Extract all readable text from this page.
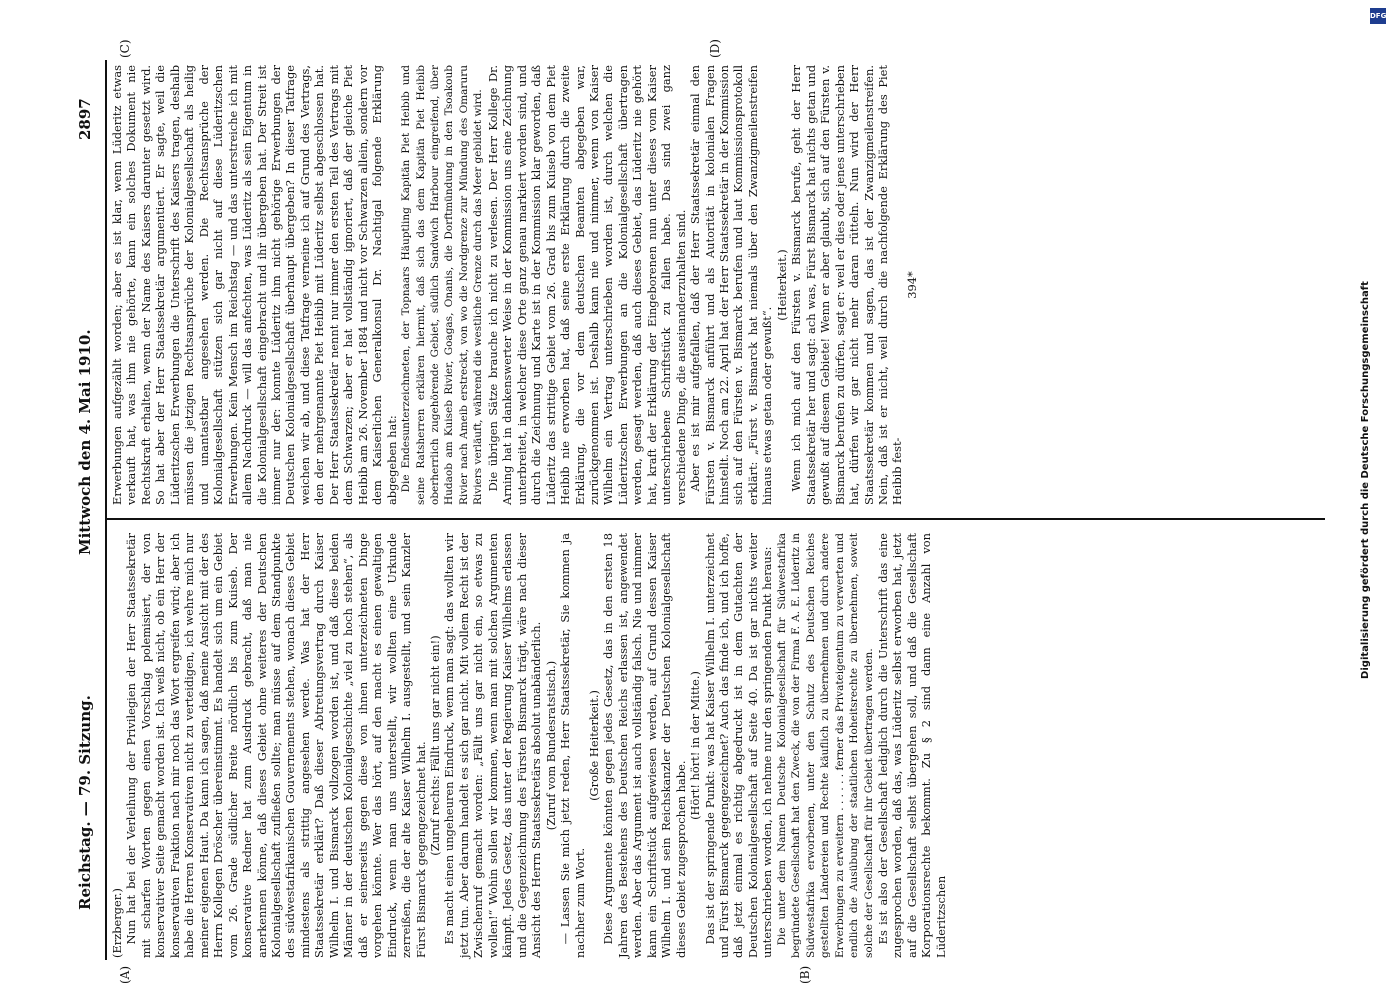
Reichstag. — 79. Sitzung.
Mittwoch den 4. Mai 1910.
2897
(A)	(B)
(C)	(D)

(Erzberger.) Nun hat bei der Verleihung der Privilegien der Herr Staatssekretär mit scharfen Worten gegen einen Vorschlag polemisiert, der von konservativer Seite gemacht worden ist. Ich weiß nicht, ob ein Herr der konservativen Fraktion nach mir noch das Wort ergreifen wird; aber ich habe die Herren Konservativen nicht zu verteidigen, ich wehre mich nur meiner eigenen Haut. Da kann ich sagen, daß meine Ansicht mit der des Herrn Kollegen Dröscher übereinstimmt. Es handelt sich um ein Gebiet vom 26. Grade südlicher Breite nördlich bis zum Kuiseb. Der konservative Redner hat zum Ausdruck gebracht, daß man nie anerkennen könne, daß dieses Gebiet ohne weiteres der Deutschen Kolonialgesellschaft zufließen sollte; man müsse auf dem Standpunkte des südwestafrikanischen Gouvernements stehen, wonach dieses Gebiet mindestens als strittig angesehen werde. Was hat der Herr Staatssekretär erklärt? Daß dieser Abtretungsvertrag durch Kaiser Wilhelm I. und Bismarck vollzogen worden ist, und daß diese beiden Männer in der deutschen Kolonialgeschichte „viel zu hoch stehen“, als daß er seinerseits gegen diese von ihnen unterzeichneten Dinge vorgehen könnte. Wer das hört, auf den macht es einen gewaltigen Eindruck, wenn man uns unterstellt, wir wollten eine Urkunde zerreißen, die der alte Kaiser Wilhelm I. ausgestellt, und sein Kanzler Fürst Bismarck gegengezeichnet hat. (Zuruf rechts: Fällt uns gar nicht ein!) Es macht einen ungeheuren Eindruck, wenn man sagt: das wollten wir jetzt tun. Aber darum handelt es sich gar nicht. Mit vollem Recht ist der Zwischenruf gemacht worden: „Fällt uns gar nicht ein, so etwas zu wollen!“ Wohin sollen wir kommen, wenn man mit solchen Argumenten kämpft. Jedes Gesetz, das unter der Regierung Kaiser Wilhelms erlassen und die Gegenzeichnung des Fürsten Bismarck trägt, wäre nach dieser Ansicht des Herrn Staatssekretärs absolut unabänderlich. (Zuruf vom Bundesratstisch.) — Lassen Sie mich jetzt reden, Herr Staatssekretär, Sie kommen ja nachher zum Wort.

(Große Heiterkeit.) Diese Argumente könnten gegen jedes Gesetz, das in den ersten 18 Jahren des Bestehens des Deutschen Reichs erlassen ist, angewendet werden. Aber das Argument ist auch vollständig falsch. Nie und nimmer kann ein Schriftstück aufgewiesen werden, auf Grund dessen Kaiser Wilhelm I. und sein Reichskanzler der Deutschen Kolonialgesellschaft dieses Gebiet zugesprochen habe.

(Hört! hört! in der Mitte.) Das ist der springende Punkt: was hat Kaiser Wilhelm I. unterzeichnet und Fürst Bismarck gegengezeichnet? Auch das finde ich, und ich hoffe, daß jetzt einmal es richtig abgedruckt ist in dem Gutachten der Deutschen Kolonialgesellschaft auf Seite 40. Da ist gar nichts weiter unterschrieben worden, ich nehme nur den springenden Punkt heraus: Die unter dem Namen Deutsche Kolonialgesellschaft für Südwestafrika begründete Gesellschaft hat den Zweck, die von der Firma F. A. E. Lüderitz in Südwestafrika erworbenen, unter den Schutz des Deutschen Reiches gestellten Ländereien und Rechte käuflich zu übernehmen und durch andere Erwerbungen zu erweitern . . . . . . ferner das Privateigentum zu verwerten und endlich die Ausübung der staatlichen Hoheitsrechte zu übernehmen, soweit solche der Gesellschaft für ihr Gebiet übertragen werden. Es ist also der Gesellschaft lediglich durch die Unterschrift das eine zugesprochen worden, daß das, was Lüderitz selbst erworben hat, jetzt auf die Gesellschaft selbst übergehen soll, und daß die Gesellschaft Korporationsrechte bekommt. Zu § 2 sind dann eine Anzahl von Lüderitzschen

Erwerbungen aufgezählt worden; aber es ist klar, wenn Lüderitz etwas verkauft hat, was ihm nie gehörte, kann ein solches Dokument nie Rechtskraft erhalten, wenn der Name des Kaisers darunter gesetzt wird. So hat aber der Herr Staatssekretär argumentiert. Er sagte, weil die Lüderitzschen Erwerbungen die Unterschrift des Kaisers tragen, deshalb müssen die jetzigen Rechtsansprüche der Kolonialgesellschaft als heilig und unantastbar angesehen werden. Die Rechtsansprüche der Kolonialgesellschaft stützen sich gar nicht auf diese Lüderitzschen Erwerbungen. Kein Mensch im Reichstag — und das unterstreiche ich mit allem Nachdruck — will das anfechten, was Lüderitz als sein Eigentum in die Kolonialgesellschaft eingebracht und ihr übergeben hat. Der Streit ist immer nur der: konnte Lüderitz ihm nicht gehörige Erwerbungen der Deutschen Kolonialgesellschaft überhaupt übergeben? In dieser Tatfrage weichen wir ab, und diese Tatfrage verneine ich auf Grund des Vertrags, den der mehrgenannte Piet Heibib mit Lüderitz selbst abgeschlossen hat. Der Herr Staatssekretär nennt nur immer den ersten Teil des Vertrags mit dem Schwarzen; aber er hat vollständig ignoriert, daß der gleiche Piet Heibib am 26. November 1884 und nicht vor Schwarzen allein, sondern vor dem Kaiserlichen Generalkonsul Dr. Nachtigal folgende Erklärung abgegeben hat: Die Endesunterzeichneten, der Topnaars Häuptling Kapitän Piet Heibib und seine Ratsherren erklären hiermit, daß sich das dem Kapitän Piet Heibib oberherrlich zugehörende Gebiet, südlich Sandwich Harbour eingreifend, über Hudaob am Kuiseb Rivier, Goagas, Onanis, die Dorftmündung in den Tsoakoub Rivier nach Ameib erstreckt, von wo die Nordgrenze zur Mündung des Omaruru Riviers verläuft, während die westliche Grenze durch das Meer gebildet wird. Die übrigen Sätze brauche ich nicht zu verlesen. Der Herr Kollege Dr. Arning hat in dankenswerter Weise in der Kommission uns eine Zeichnung unterbreitet, in welcher diese Orte ganz genau markiert worden sind, und durch die Zeichnung und Karte ist in der Kommission klar geworden, daß Lüderitz das strittige Gebiet vom 26. Grad bis zum Kuiseb von dem Piet Heibib nie erworben hat, daß seine erste Erklärung durch die zweite Erklärung, die vor dem deutschen Beamten abgegeben war, zurückgenommen ist. Deshalb kann nie und nimmer, wenn von Kaiser Wilhelm ein Vertrag unterschrieben worden ist, durch welchen die Lüderitzschen Erwerbungen an die Kolonialgesellschaft übertragen werden, gesagt werden, daß auch dieses Gebiet, das Lüderitz nie gehört hat, kraft der Erklärung der Eingeborenen nun unter dieses vom Kaiser unterschriebene Schriftstück zu fallen habe. Das sind zwei ganz verschiedene Dinge, die auseinanderzuhalten sind. Aber es ist mir aufgefallen, daß der Herr Staatssekretär einmal den Fürsten v. Bismarck anführt und als Autorität in kolonialen Fragen hinstellt. Noch am 22. April hat der Herr Staatssekretär in der Kommission sich auf den Fürsten v. Bismarck berufen und laut Kommissionsprotokoll erklärt: „Fürst v. Bismarck hat niemals über den Zwanzigmeilenstreifen hinaus etwas getan oder gewußt“.

(Heiterkeit.) Wenn ich mich auf den Fürsten v. Bismarck berufe, geht der Herr Staatssekretär her und sagt: ach was, Fürst Bismarck hat nichts getan und gewußt auf diesem Gebiete! Wenn er aber glaubt, sich auf den Fürsten v. Bismarck berufen zu dürfen, sagt er: weil er dies oder jenes unterschrieben hat, dürfen wir gar nicht mehr daran rütteln. Nun wird der Herr Staatssekretär kommen und sagen, das ist der Zwanzigmeilenstreifen. Nein, daß ist er nicht, weil durch die nachfolgende Erklärung des Piet Heibib fest-

394*

DFG
Digitalisierung gefördert durch die Deutsche Forschungsgemeinschaft
